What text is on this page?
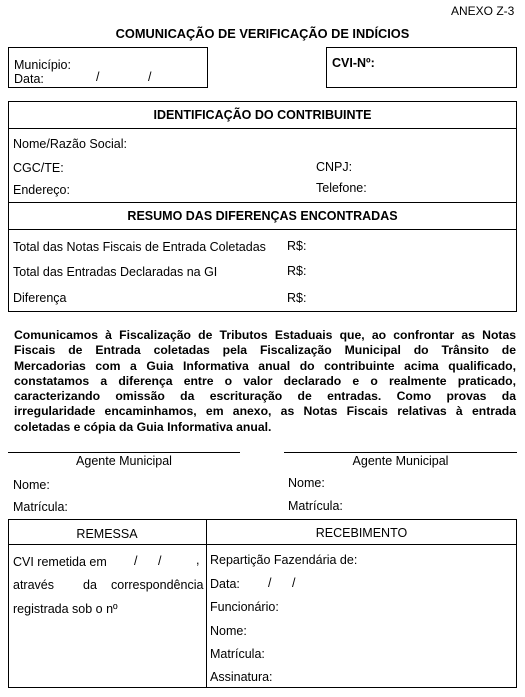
ANEXO Z-3
COMUNICAÇÃO DE VERIFICAÇÃO DE INDÍCIOS
Município:
Data:	/	/
CVI-Nº:
IDENTIFICAÇÃO DO CONTRIBUINTE
Nome/Razão Social:
CGC/TE:	CNPJ:
Endereço:	Telefone:
RESUMO DAS DIFERENÇAS ENCONTRADAS
Total das Notas Fiscais de Entrada Coletadas R$:
Total das Entradas Declaradas na GI	R$:
Diferença	R$:
Comunicamos à Fiscalização de Tributos Estaduais que, ao confrontar as Notas
Fiscais de Entrada coletadas pela Fiscalização Municipal do Trânsito de
Mercadorias com a Guia Informativa anual do contribuinte acima qualificado,
constatamos a diferença entre o valor declarado e o realmente praticado,
caracterizando omissão da escrituração de entradas. Como provas da
irregularidade encaminhamos, em anexo, as Notas Fiscais relativas à entrada
coletadas e cópia da Guia Informativa anual.
Agente Municipal
Nome:
Matrícula:
Agente Municipal
Nome:
Matrícula:
REMESSA	RECEBIMENTO
CVI remetida em / /	,
através da correspondência
registrada sob o nº
Repartição Fazendária de:
Data: / /
Funcionário:
Nome:
Matrícula:
Assinatura:
